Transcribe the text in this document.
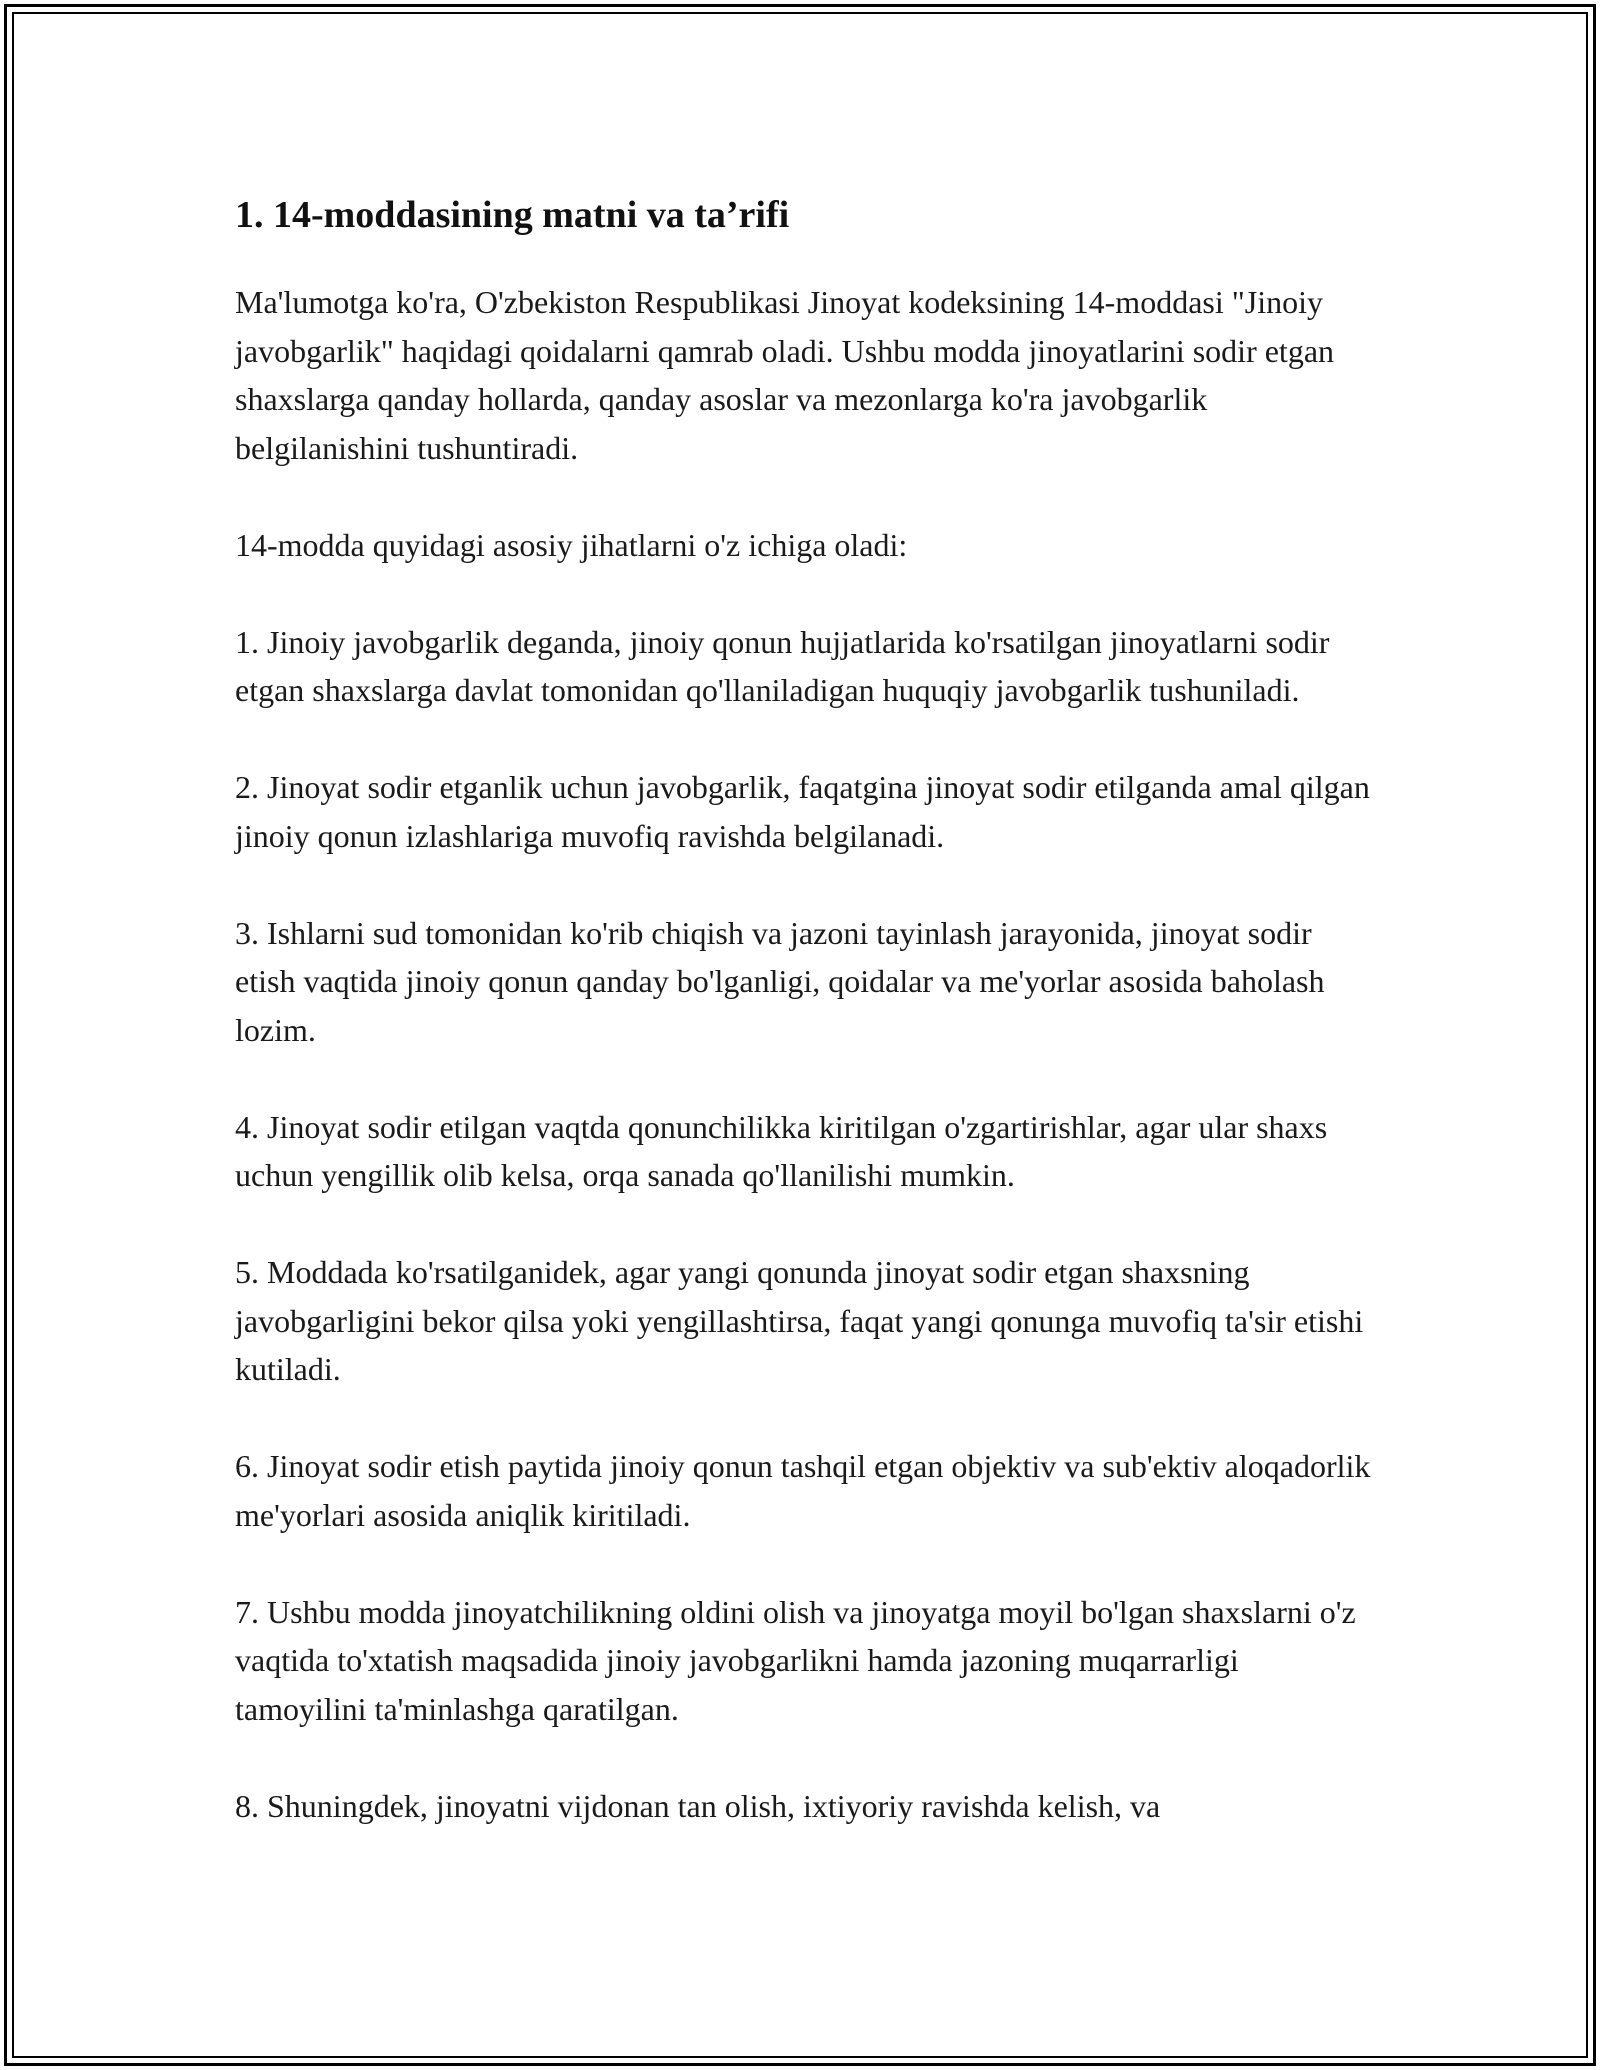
1. 14-moddasining matni va ta’rifi

Ma'lumotga ko'ra, O'zbekiston Respublikasi Jinoyat kodeksining 14-moddasi "Jinoiy javobgarlik" haqidagi qoidalarni qamrab oladi. Ushbu modda jinoyatlarini sodir etgan shaxslarga qanday hollarda, qanday asoslar va mezonlarga ko'ra javobgarlik belgilanishini tushuntiradi.

14-modda quyidagi asosiy jihatlarni o'z ichiga oladi:

1. Jinoiy javobgarlik deganda, jinoiy qonun hujjatlarida ko'rsatilgan jinoyatlarni sodir etgan shaxslarga davlat tomonidan qo'llaniladigan huquqiy javobgarlik tushuniladi.

2. Jinoyat sodir etganlik uchun javobgarlik, faqatgina jinoyat sodir etilganda amal qilgan jinoiy qonun izlashlariga muvofiq ravishda belgilanadi.

3. Ishlarni sud tomonidan ko'rib chiqish va jazoni tayinlash jarayonida, jinoyat sodir etish vaqtida jinoiy qonun qanday bo'lganligi, qoidalar va me'yorlar asosida baholash lozim.

4. Jinoyat sodir etilgan vaqtda qonunchilikka kiritilgan o'zgartirishlar, agar ular shaxs uchun yengillik olib kelsa, orqa sanada qo'llanilishi mumkin.

5. Moddada ko'rsatilganidek, agar yangi qonunda jinoyat sodir etgan shaxsning javobgarligini bekor qilsa yoki yengillashtirsa, faqat yangi qonunga muvofiq ta'sir etishi kutiladi.

6. Jinoyat sodir etish paytida jinoiy qonun tashqil etgan objektiv va sub'ektiv aloqadorlik me'yorlari asosida aniqlik kiritiladi.

7. Ushbu modda jinoyatchilikning oldini olish va jinoyatga moyil bo'lgan shaxslarni o'z vaqtida to'xtatish maqsadida jinoiy javobgarlikni hamda jazoning muqarrarligi tamoyilini ta'minlashga qaratilgan.

8. Shuningdek, jinoyatni vijdonan tan olish, ixtiyoriy ravishda kelish, va
